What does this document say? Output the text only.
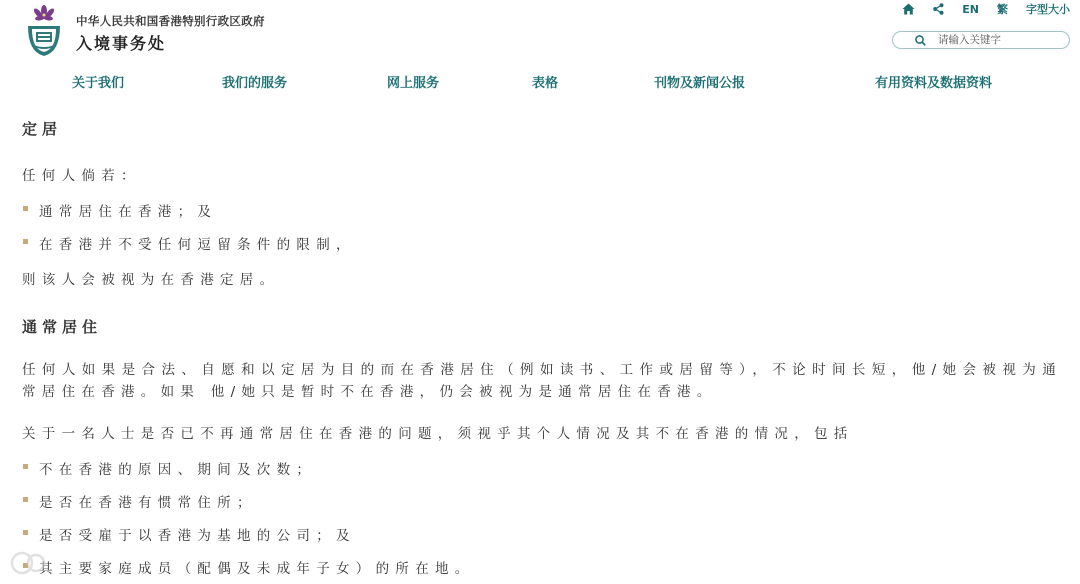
中华人民共和国香港特别行政区政府
入境事务处
EN 繁 字型大小
请输入关键字
关于我们	我们的服务	网上服务	表格	刊物及新闻公报	有用资料及数据资料
定居
任何人倘若：
通常居住在香港；及
在香港并不受任何逗留条件的限制，
则该人会被视为在香港定居。
通常居住
任何人如果是合法、自愿和以定居为目的而在香港居住（例如读书、工作或居留等），不论时间长短，他/她会被视为通常居住在香港。如果 他/她只是暂时不在香港，仍会被视为是通常居住在香港。
关于一名人士是否已不再通常居住在香港的问题，须视乎其个人情况及其不在香港的情况，包括
不在香港的原因、期间及次数；
是否在香港有惯常住所；
是否受雇于以香港为基地的公司；及
其主要家庭成员（配偶及未成年子女）的所在地。
